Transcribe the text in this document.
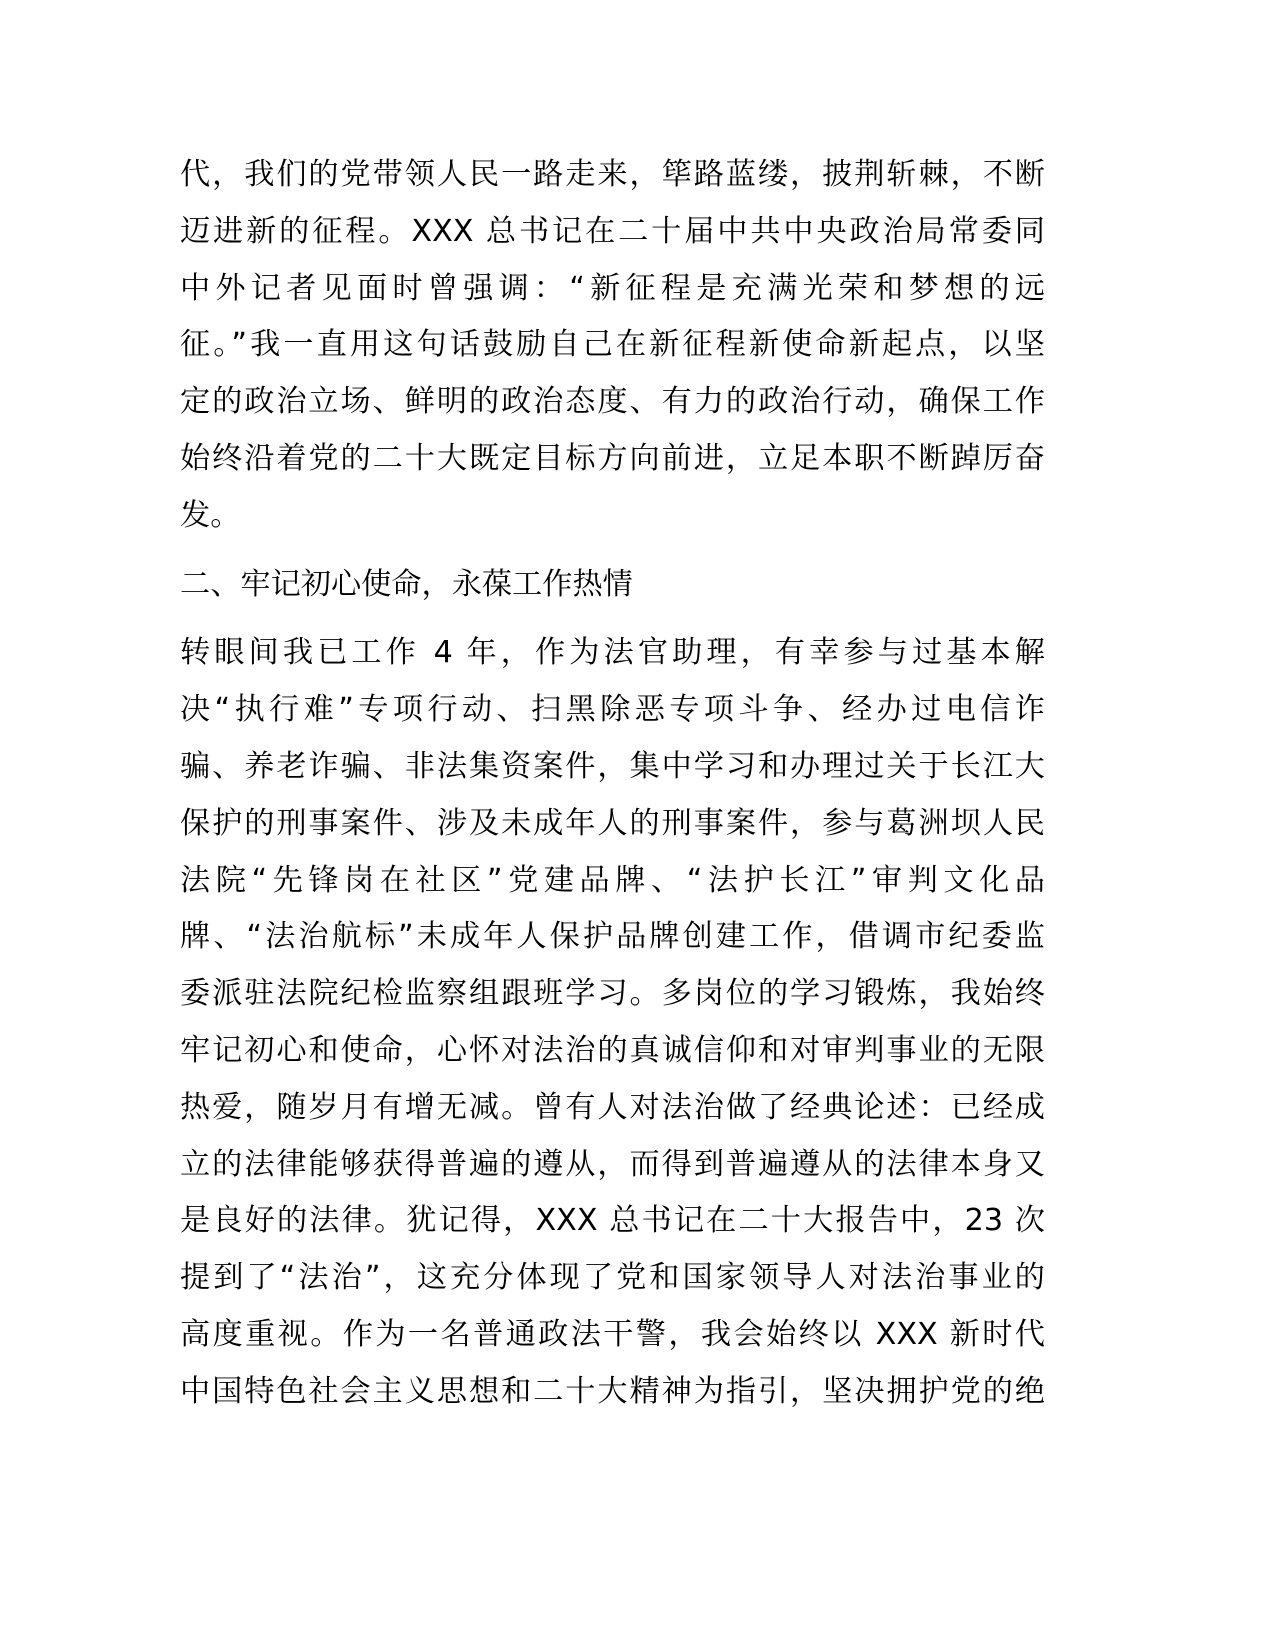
代，我们的党带领人民一路走来，筚路蓝缕，披荆斩棘，不断
迈进新的征程。XXX 总书记在二十届中共中央政治局常委同
中外记者见面时曾强调：“新征程是充满光荣和梦想的远
征。”我一直用这句话鼓励自己在新征程新使命新起点，以坚
定的政治立场、鲜明的政治态度、有力的政治行动，确保工作
始终沿着党的二十大既定目标方向前进，立足本职不断踔厉奋
发。

二、牢记初心使命，永葆工作热情

转眼间我已工作 4 年，作为法官助理，有幸参与过基本解
决“执行难”专项行动、扫黑除恶专项斗争、经办过电信诈
骗、养老诈骗、非法集资案件，集中学习和办理过关于长江大
保护的刑事案件、涉及未成年人的刑事案件，参与葛洲坝人民
法院“先锋岗在社区”党建品牌、“法护长江”审判文化品
牌、“法治航标”未成年人保护品牌创建工作，借调市纪委监
委派驻法院纪检监察组跟班学习。多岗位的学习锻炼，我始终
牢记初心和使命，心怀对法治的真诚信仰和对审判事业的无限
热爱，随岁月有增无减。曾有人对法治做了经典论述：已经成
立的法律能够获得普遍的遵从，而得到普遍遵从的法律本身又
是良好的法律。犹记得，XXX 总书记在二十大报告中，23 次
提到了“法治”，这充分体现了党和国家领导人对法治事业的
高度重视。作为一名普通政法干警，我会始终以 XXX 新时代
中国特色社会主义思想和二十大精神为指引，坚决拥护党的绝
